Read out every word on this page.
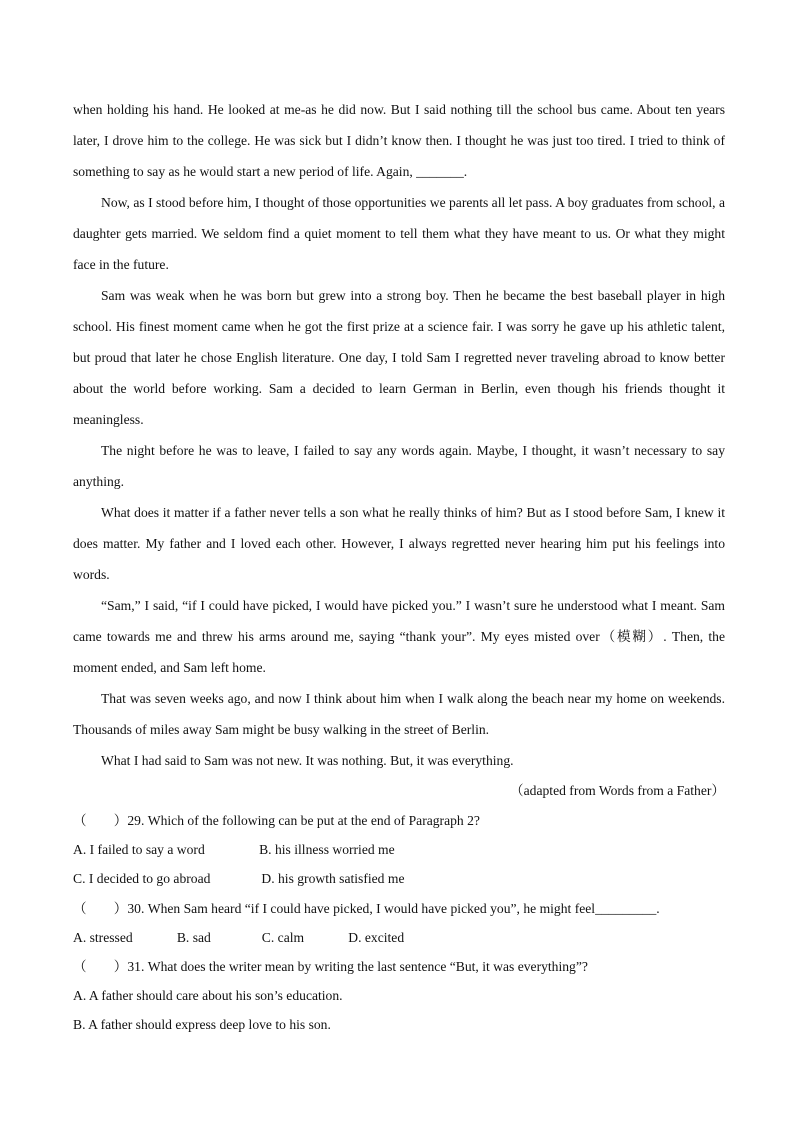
when holding his hand. He looked at me-as he did now. But I said nothing till the school bus came. About ten years later, I drove him to the college. He was sick but I didn’t know then. I thought he was just too tired. I tried to think of something to say as he would start a new period of life. Again, _______.

Now, as I stood before him, I thought of those opportunities we parents all let pass. A boy graduates from school, a daughter gets married. We seldom find a quiet moment to tell them what they have meant to us. Or what they might face in the future.

Sam was weak when he was born but grew into a strong boy. Then he became the best baseball player in high school. His finest moment came when he got the first prize at a science fair. I was sorry he gave up his athletic talent, but proud that later he chose English literature. One day, I told Sam I regretted never traveling abroad to know better about the world before working. Sam a decided to learn German in Berlin, even though his friends thought it meaningless.

The night before he was to leave, I failed to say any words again. Maybe, I thought, it wasn’t necessary to say anything.

What does it matter if a father never tells a son what he really thinks of him? But as I stood before Sam, I knew it does matter. My father and I loved each other. However, I always regretted never hearing him put his feelings into words.

“Sam,” I said, “if I could have picked, I would have picked you.” I wasn’t sure he understood what I meant. Sam came towards me and threw his arms around me, saying “thank your”. My eyes misted over（模糊）. Then, the moment ended, and Sam left home.

That was seven weeks ago, and now I think about him when I walk along the beach near my home on weekends. Thousands of miles away Sam might be busy walking in the street of Berlin.

What I had said to Sam was not new. It was nothing. But, it was everything.

（adapted from Words from a Father）

（　　）29. Which of the following can be put at the end of Paragraph 2?

A. I failed to say a word                B. his illness worried me

C. I decided to go abroad               D. his growth satisfied me

（　　）30. When Sam heard “if I could have picked, I would have picked you”, he might feel_________.

A. stressed             B. sad               C. calm             D. excited

（　　）31. What does the writer mean by writing the last sentence “But, it was everything”?

A. A father should care about his son’s education.

B. A father should express deep love to his son.
